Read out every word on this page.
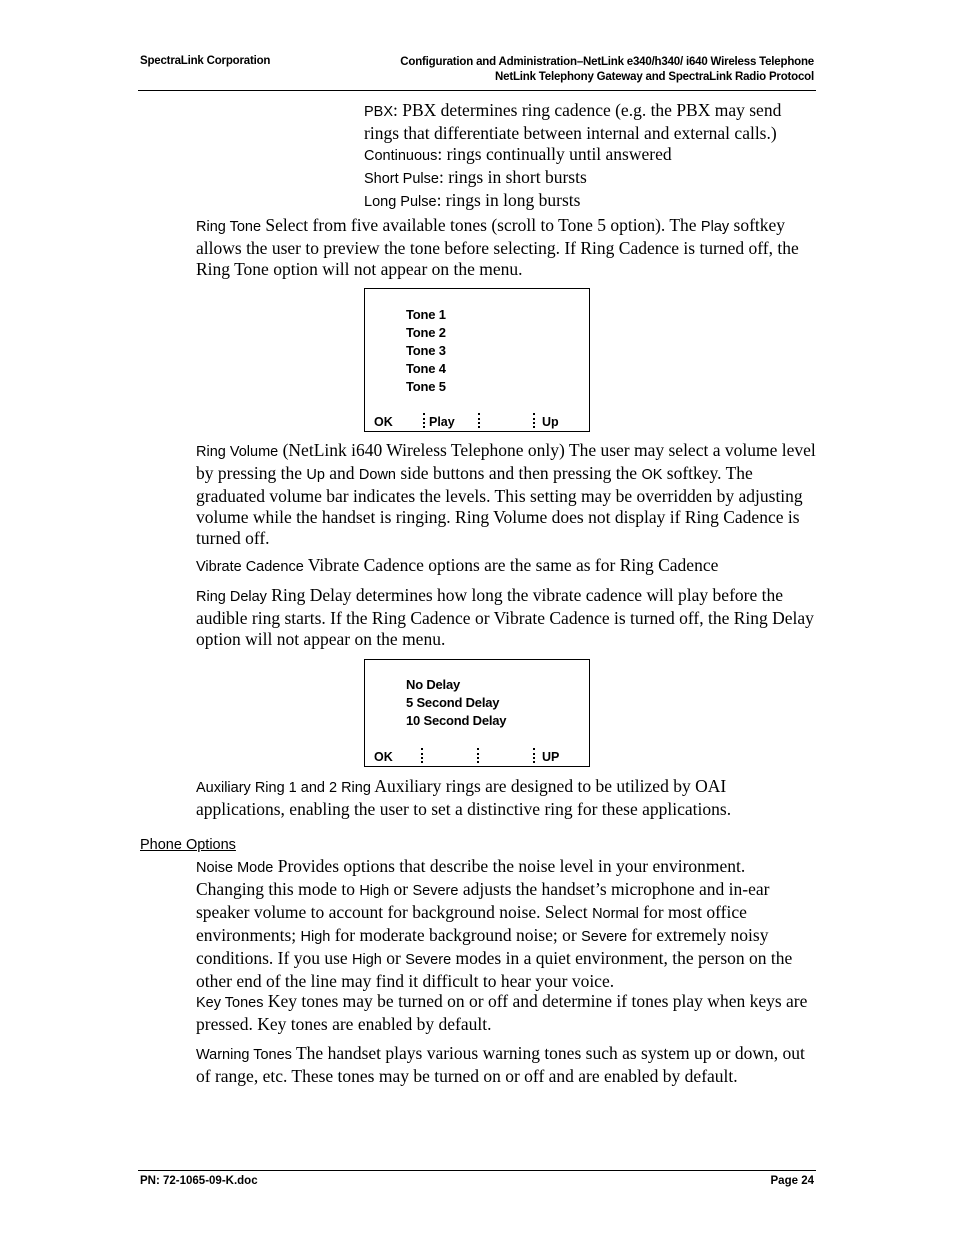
SpectraLink Corporation	Configuration and Administration–NetLink e340/h340/ i640 Wireless Telephone
NetLink Telephony Gateway and SpectraLink Radio Protocol
PBX: PBX determines ring cadence (e.g. the PBX may send rings that differentiate between internal and external calls.)
Continuous: rings continually until answered
Short Pulse: rings in short bursts
Long Pulse: rings in long bursts
Ring Tone Select from five available tones (scroll to Tone 5 option). The Play softkey allows the user to preview the tone before selecting. If Ring Cadence is turned off, the Ring Tone option will not appear on the menu.
Tone 1
Tone 2
Tone 3
Tone 4
Tone 5
OK	Play	Up
Ring Volume (NetLink i640 Wireless Telephone only) The user may select a volume level by pressing the Up and Down side buttons and then pressing the OK softkey. The graduated volume bar indicates the levels. This setting may be overridden by adjusting volume while the handset is ringing. Ring Volume does not display if Ring Cadence is turned off.
Vibrate Cadence Vibrate Cadence options are the same as for Ring Cadence
Ring Delay Ring Delay determines how long the vibrate cadence will play before the audible ring starts. If the Ring Cadence or Vibrate Cadence is turned off, the Ring Delay option will not appear on the menu.
No Delay
5 Second Delay
10 Second Delay
OK	UP
Auxiliary Ring 1 and 2 Ring Auxiliary rings are designed to be utilized by OAI applications, enabling the user to set a distinctive ring for these applications.
Phone Options
Noise Mode Provides options that describe the noise level in your environment. Changing this mode to High or Severe adjusts the handset’s microphone and in-ear speaker volume to account for background noise. Select Normal for most office environments; High for moderate background noise; or Severe for extremely noisy conditions. If you use High or Severe modes in a quiet environment, the person on the other end of the line may find it difficult to hear your voice.
Key Tones Key tones may be turned on or off and determine if tones play when keys are pressed. Key tones are enabled by default.
Warning Tones The handset plays various warning tones such as system up or down, out of range, etc. These tones may be turned on or off and are enabled by default.
PN: 72-1065-09-K.doc	Page 24
